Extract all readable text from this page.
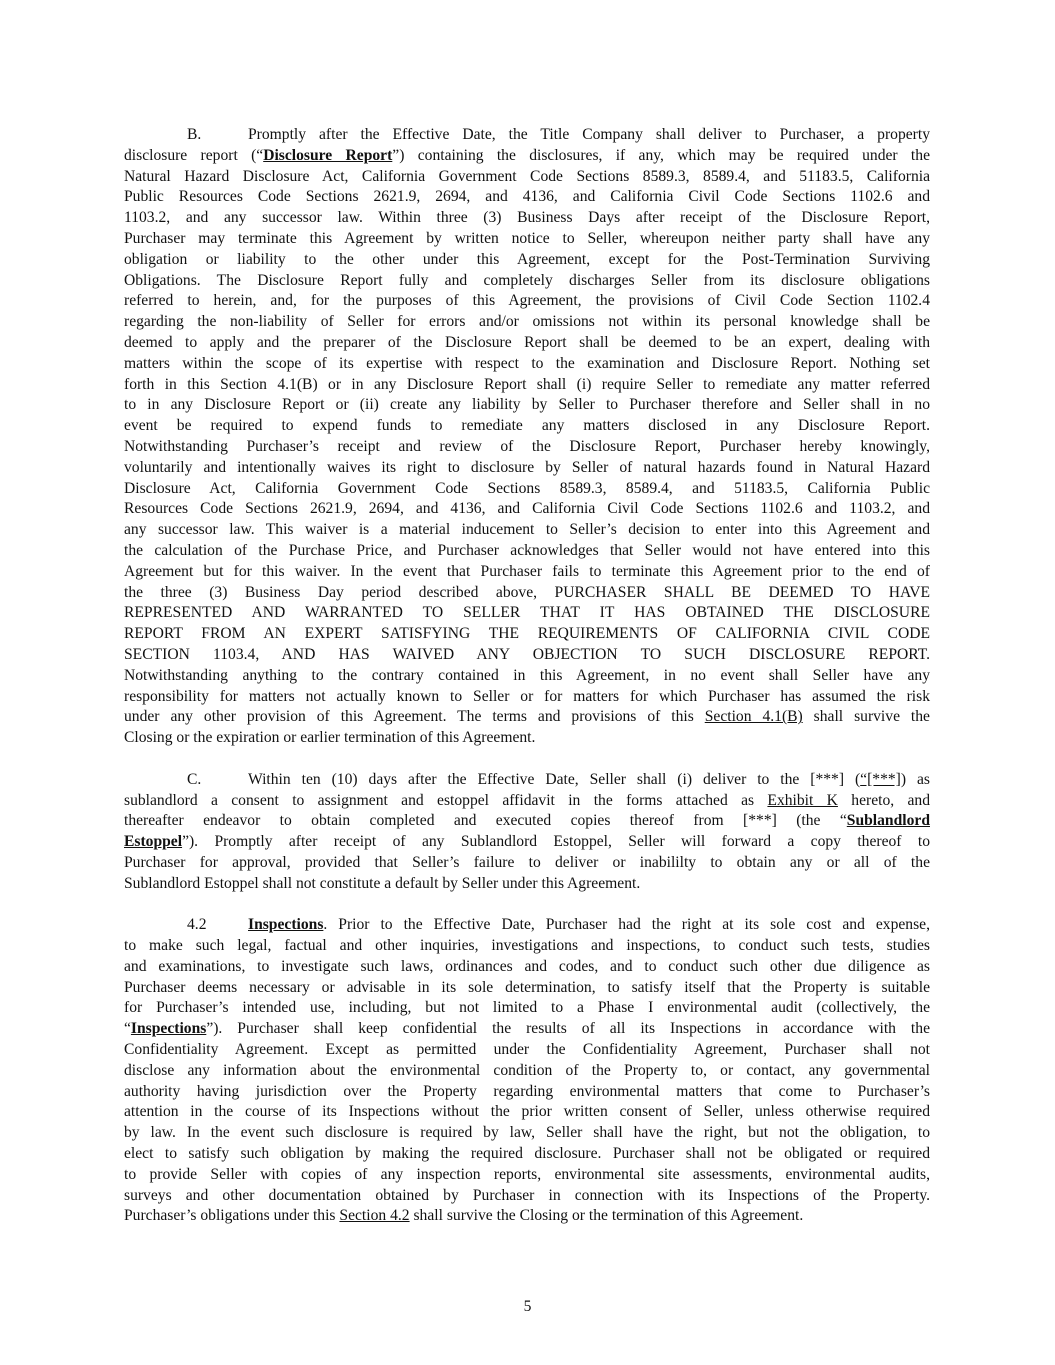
B.	Promptly after the Effective Date, the Title Company shall deliver to Purchaser, a property
disclosure report (“Disclosure Report”) containing the disclosures, if any, which may be required under the
Natural Hazard Disclosure Act, California Government Code Sections 8589.3, 8589.4, and 51183.5, California
Public Resources Code Sections 2621.9, 2694, and 4136, and California Civil Code Sections 1102.6 and
1103.2, and any successor law. Within three (3) Business Days after receipt of the Disclosure Report,
Purchaser may terminate this Agreement by written notice to Seller, whereupon neither party shall have any
obligation or liability to the other under this Agreement, except for the Post-Termination Surviving
Obligations. The Disclosure Report fully and completely discharges Seller from its disclosure obligations
referred to herein, and, for the purposes of this Agreement, the provisions of Civil Code Section 1102.4
regarding the non-liability of Seller for errors and/or omissions not within its personal knowledge shall be
deemed to apply and the preparer of the Disclosure Report shall be deemed to be an expert, dealing with
matters within the scope of its expertise with respect to the examination and Disclosure Report. Nothing set
forth in this Section 4.1(B) or in any Disclosure Report shall (i) require Seller to remediate any matter referred
to in any Disclosure Report or (ii) create any liability by Seller to Purchaser therefore and Seller shall in no
event be required to expend funds to remediate any matters disclosed in any Disclosure Report.
Notwithstanding Purchaser’s receipt and review of the Disclosure Report, Purchaser hereby knowingly,
voluntarily and intentionally waives its right to disclosure by Seller of natural hazards found in Natural Hazard
Disclosure Act, California Government Code Sections 8589.3, 8589.4, and 51183.5, California Public
Resources Code Sections 2621.9, 2694, and 4136, and California Civil Code Sections 1102.6 and 1103.2, and
any successor law. This waiver is a material inducement to Seller’s decision to enter into this Agreement and
the calculation of the Purchase Price, and Purchaser acknowledges that Seller would not have entered into this
Agreement but for this waiver. In the event that Purchaser fails to terminate this Agreement prior to the end of
the three (3) Business Day period described above, PURCHASER SHALL BE DEEMED TO HAVE
REPRESENTED AND WARRANTED TO SELLER THAT IT HAS OBTAINED THE DISCLOSURE
REPORT FROM AN EXPERT SATISFYING THE REQUIREMENTS OF CALIFORNIA CIVIL CODE
SECTION 1103.4, AND HAS WAIVED ANY OBJECTION TO SUCH DISCLOSURE REPORT.
Notwithstanding anything to the contrary contained in this Agreement, in no event shall Seller have any
responsibility for matters not actually known to Seller or for matters for which Purchaser has assumed the risk
under any other provision of this Agreement. The terms and provisions of this Section 4.1(B) shall survive the
Closing or the expiration or earlier termination of this Agreement.
C.	Within ten (10) days after the Effective Date, Seller shall (i) deliver to the [***] (“[***]) as
sublandlord a consent to assignment and estoppel affidavit in the forms attached as Exhibit K hereto, and
thereafter endeavor to obtain completed and executed copies thereof from [***] (the “Sublandlord
Estoppel”). Promptly after receipt of any Sublandlord Estoppel, Seller will forward a copy thereof to
Purchaser for approval, provided that Seller’s failure to deliver or inabililty to obtain any or all of the
Sublandlord Estoppel shall not constitute a default by Seller under this Agreement.
4.2	Inspections. Prior to the Effective Date, Purchaser had the right at its sole cost and expense,
to make such legal, factual and other inquiries, investigations and inspections, to conduct such tests, studies
and examinations, to investigate such laws, ordinances and codes, and to conduct such other due diligence as
Purchaser deems necessary or advisable in its sole determination, to satisfy itself that the Property is suitable
for Purchaser’s intended use, including, but not limited to a Phase I environmental audit (collectively, the
“Inspections”). Purchaser shall keep confidential the results of all its Inspections in accordance with the
Confidentiality Agreement. Except as permitted under the Confidentiality Agreement, Purchaser shall not
disclose any information about the environmental condition of the Property to, or contact, any governmental
authority having jurisdiction over the Property regarding environmental matters that come to Purchaser’s
attention in the course of its Inspections without the prior written consent of Seller, unless otherwise required
by law. In the event such disclosure is required by law, Seller shall have the right, but not the obligation, to
elect to satisfy such obligation by making the required disclosure. Purchaser shall not be obligated or required
to provide Seller with copies of any inspection reports, environmental site assessments, environmental audits,
surveys and other documentation obtained by Purchaser in connection with its Inspections of the Property.
Purchaser’s obligations under this Section 4.2 shall survive the Closing or the termination of this Agreement.
5
